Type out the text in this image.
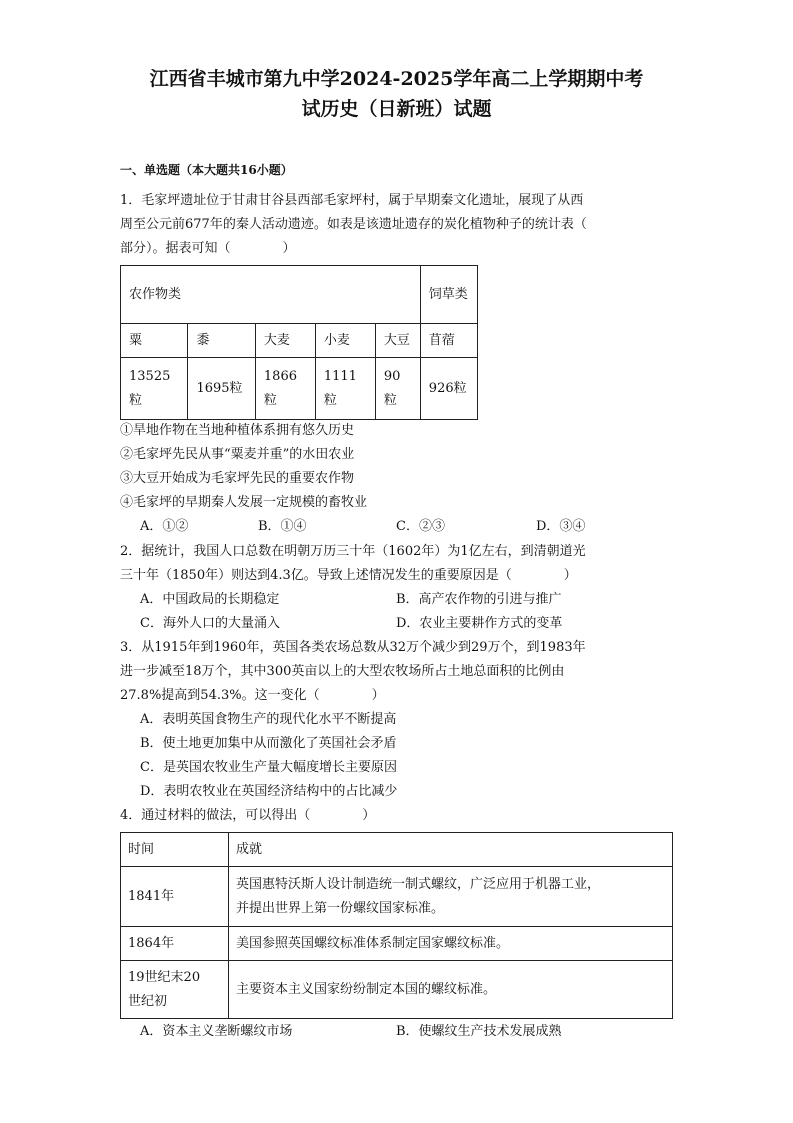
江西省丰城市第九中学2024-2025学年高二上学期期中考
试历史（日新班）试题
一、单选题（本大题共16小题）
1．毛家坪遗址位于甘肃甘谷县西部毛家坪村，属于早期秦文化遗址，展现了从西
周至公元前677年的秦人活动遗迹。如表是该遗址遗存的炭化植物种子的统计表（
部分）。据表可知（　　　　）
农作物类					饲草类
粟	黍	大麦	小麦	大豆	苜蓿
13525粒	1695粒	1866粒	1111粒	90粒	926粒
①旱地作物在当地种植体系拥有悠久历史
②毛家坪先民从事“粟麦并重”的水田农业
③大豆开始成为毛家坪先民的重要农作物
④毛家坪的早期秦人发展一定规模的畜牧业
A．①②	B．①④	C．②③	D．③④
2．据统计，我国人口总数在明朝万历三十年（1602年）为1亿左右，到清朝道光
三十年（1850年）则达到4.3亿。导致上述情况发生的重要原因是（　　　　）
A．中国政局的长期稳定	B．高产农作物的引进与推广
C．海外人口的大量涌入	D．农业主要耕作方式的变革
3．从1915年到1960年，英国各类农场总数从32万个减少到29万个，到1983年
进一步减至18万个，其中300英亩以上的大型农牧场所占土地总面积的比例由
27.8%提高到54.3%。这一变化（　　　　）
A．表明英国食物生产的现代化水平不断提高
B．使土地更加集中从而激化了英国社会矛盾
C．是英国农牧业生产量大幅度增长主要原因
D．表明农牧业在英国经济结构中的占比减少
4．通过材料的做法，可以得出（　　　　）
时间	成就
1841年	英国惠特沃斯人设计制造统一制式螺纹，广泛应用于机器工业，
并提出世界上第一份螺纹国家标准。

1864年	美国参照英国螺纹标准体系制定国家螺纹标准。

19世纪末20
世纪初	主要资本主义国家纷纷制定本国的螺纹标准。
A．资本主义垄断螺纹市场	B．使螺纹生产技术发展成熟
